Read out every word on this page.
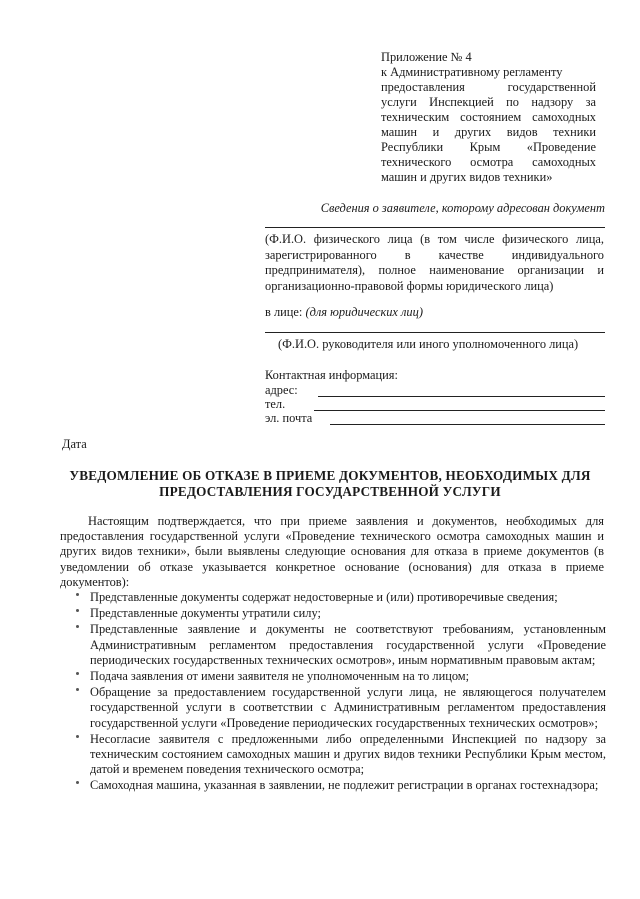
Приложение № 4
к Административному регламенту
предоставления государственной
услуги Инспекцией по надзору за
техническим состоянием самоходных
машин и других видов техники
Республики Крым «Проведение
технического осмотра самоходных
машин и других видов техники»
Сведения о заявителе, которому адресован документ
(Ф.И.О. физического лица (в том числе физического лица, зарегистрированного в качестве индивидуального предпринимателя), полное наименование организации и организационно-правовой формы юридического лица)
в лице: (для юридических лиц)
(Ф.И.О. руководителя или иного уполномоченного лица)
Контактная информация:
адрес:
тел.
эл. почта
Дата
УВЕДОМЛЕНИЕ ОБ ОТКАЗЕ В ПРИЕМЕ ДОКУМЕНТОВ, НЕОБХОДИМЫХ ДЛЯ
ПРЕДОСТАВЛЕНИЯ ГОСУДАРСТВЕННОЙ УСЛУГИ
Настоящим подтверждается, что при приеме заявления и документов, необходимых для предоставления государственной услуги «Проведение технического осмотра самоходных машин и других видов техники», были выявлены следующие основания для отказа в приеме документов (в уведомлении об отказе указывается конкретное основание (основания) для отказа в приеме документов):
Представленные документы содержат недостоверные и (или) противоречивые сведения;
Представленные документы утратили силу;
Представленные заявление и документы не соответствуют требованиям, установленным Административным регламентом предоставления государственной услуги «Проведение периодических государственных технических осмотров», иным нормативным правовым актам;
Подача заявления от имени заявителя не уполномоченным на то лицом;
Обращение за предоставлением государственной услуги лица, не являющегося получателем государственной услуги в соответствии с Административным регламентом предоставления государственной услуги «Проведение периодических государственных технических осмотров»;
Несогласие заявителя с предложенными либо определенными Инспекцией по надзору за техническим состоянием самоходных машин и других видов техники Республики Крым местом, датой и временем поведения технического осмотра;
Самоходная машина, указанная в заявлении, не подлежит регистрации в органах гостехнадзора;
